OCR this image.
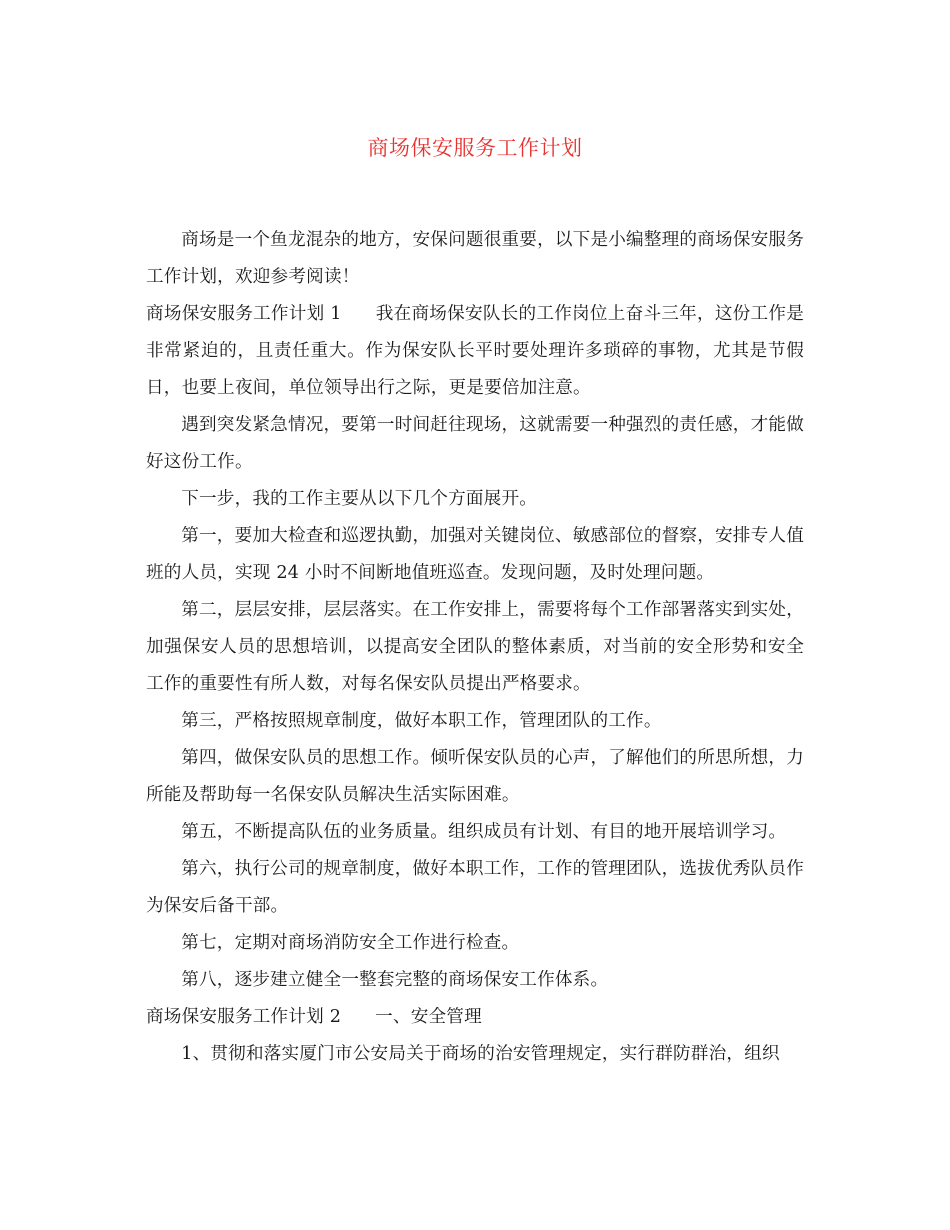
商场保安服务工作计划

商场是一个鱼龙混杂的地方，安保问题很重要，以下是小编整理的商场保安服务工作计划，欢迎参考阅读！

商场保安服务工作计划 1 我在商场保安队长的工作岗位上奋斗三年，这份工作是非常紧迫的，且责任重大。作为保安队长平时要处理许多琐碎的事物，尤其是节假日，也要上夜间，单位领导出行之际，更是要倍加注意。

遇到突发紧急情况，要第一时间赶往现场，这就需要一种强烈的责任感，才能做好这份工作。

下一步，我的工作主要从以下几个方面展开。

第一，要加大检查和巡逻执勤，加强对关键岗位、敏感部位的督察，安排专人值班的人员，实现 24 小时不间断地值班巡查。发现问题，及时处理问题。

第二，层层安排，层层落实。在工作安排上，需要将每个工作部署落实到实处，加强保安人员的思想培训，以提高安全团队的整体素质，对当前的安全形势和安全工作的重要性有所人数，对每名保安队员提出严格要求。

第三，严格按照规章制度，做好本职工作，管理团队的工作。

第四，做保安队员的思想工作。倾听保安队员的心声，了解他们的所思所想，力所能及帮助每一名保安队员解决生活实际困难。

第五，不断提高队伍的业务质量。组织成员有计划、有目的地开展培训学习。

第六，执行公司的规章制度，做好本职工作，工作的管理团队，选拔优秀队员作为保安后备干部。

第七，定期对商场消防安全工作进行检查。

第八，逐步建立健全一整套完整的商场保安工作体系。

商场保安服务工作计划 2 一、安全管理

1、贯彻和落实厦门市公安局关于商场的治安管理规定，实行群防群治，组织
